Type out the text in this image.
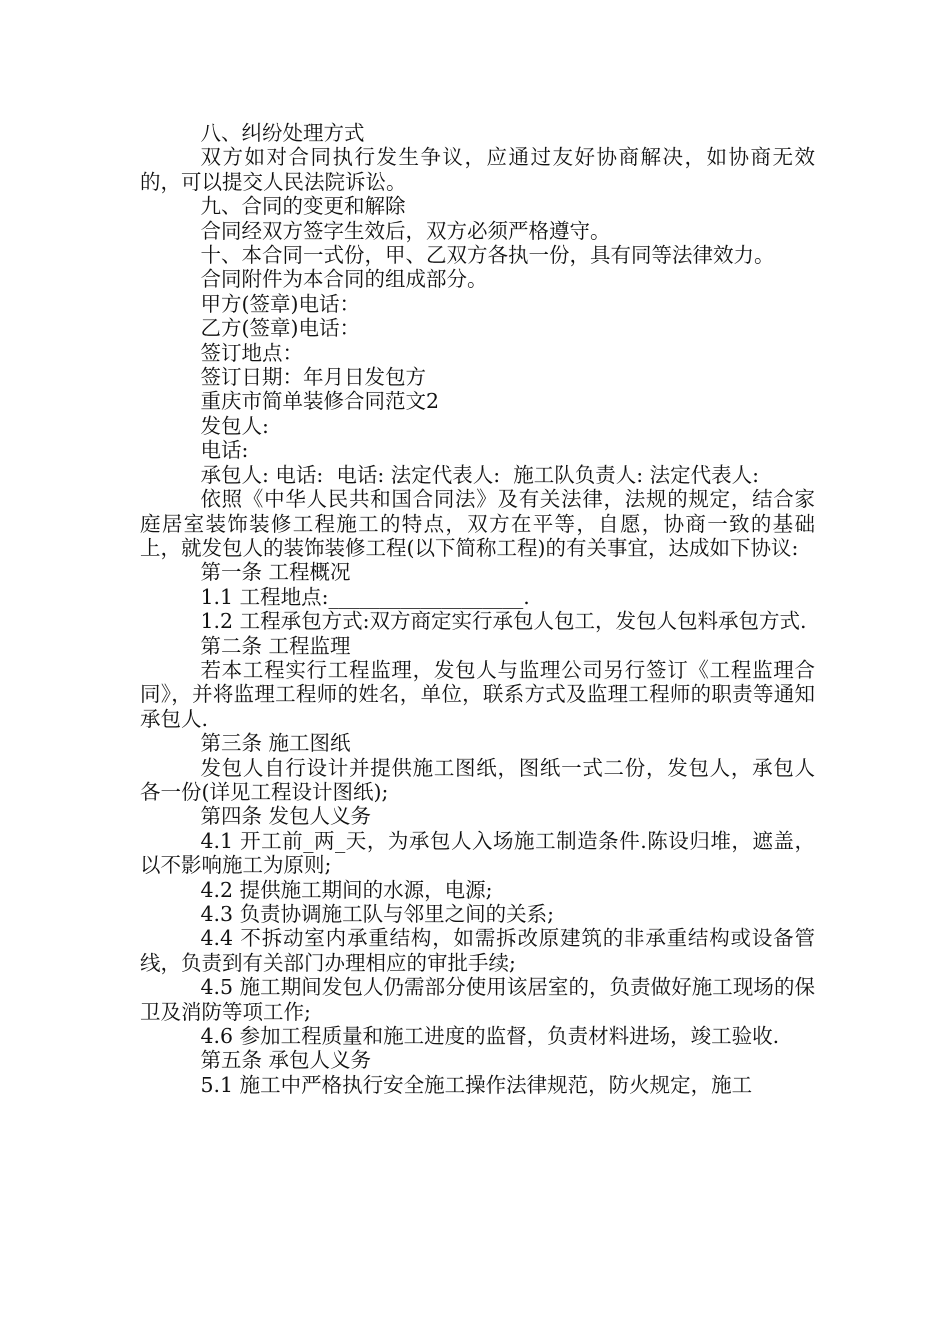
八、纠纷处理方式

双方如对合同执行发生争议，应通过友好协商解决，如协商无效的，可以提交人民法院诉讼。

九、合同的变更和解除

合同经双方签字生效后，双方必须严格遵守。

十、本合同一式份，甲、乙双方各执一份，具有同等法律效力。

合同附件为本合同的组成部分。

甲方(签章)电话：

乙方(签章)电话：

签订地点：

签订日期：年月日发包方

重庆市简单装修合同范文2

发包人:

电话:

承包人: 电话:  电话: 法定代表人:  施工队负责人: 法定代表人:

依照《中华人民共和国合同法》及有关法律，法规的规定，结合家庭居室装饰装修工程施工的特点，双方在平等，自愿，协商一致的基础上，就发包人的装饰装修工程(以下简称工程)的有关事宜，达成如下协议:

第一条 工程概况

1.1 工程地点:___________________.

1.2 工程承包方式:双方商定实行承包人包工，发包人包料承包方式.

第二条 工程监理

若本工程实行工程监理，发包人与监理公司另行签订《工程监理合同》，并将监理工程师的姓名，单位，联系方式及监理工程师的职责等通知承包人.

第三条 施工图纸

发包人自行设计并提供施工图纸，图纸一式二份，发包人，承包人各一份(详见工程设计图纸);

第四条 发包人义务

4.1 开工前_两_天，为承包人入场施工制造条件.陈设归堆，遮盖，以不影响施工为原则;

4.2 提供施工期间的水源，电源;

4.3 负责协调施工队与邻里之间的关系;

4.4 不拆动室内承重结构，如需拆改原建筑的非承重结构或设备管线，负责到有关部门办理相应的审批手续;

4.5 施工期间发包人仍需部分使用该居室的，负责做好施工现场的保卫及消防等项工作;

4.6 参加工程质量和施工进度的监督，负责材料进场，竣工验收.

第五条 承包人义务

5.1 施工中严格执行安全施工操作法律规范，防火规定，施工
